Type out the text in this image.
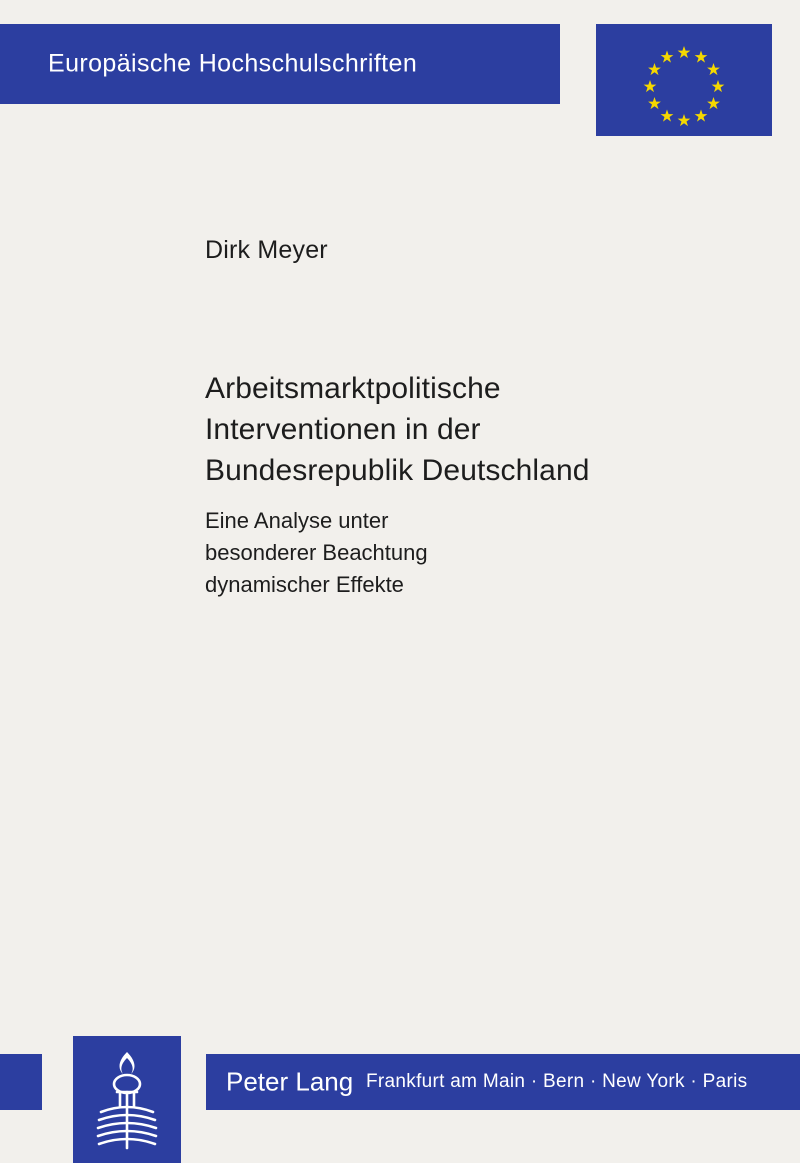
Europäische Hochschulschriften
Dirk Meyer
Arbeitsmarktpolitische
Interventionen in der
Bundesrepublik Deutschland
Eine Analyse unter
besonderer Beachtung
dynamischer Effekte
Peter Lang Frankfurt am Main · Bern · New York · Paris
